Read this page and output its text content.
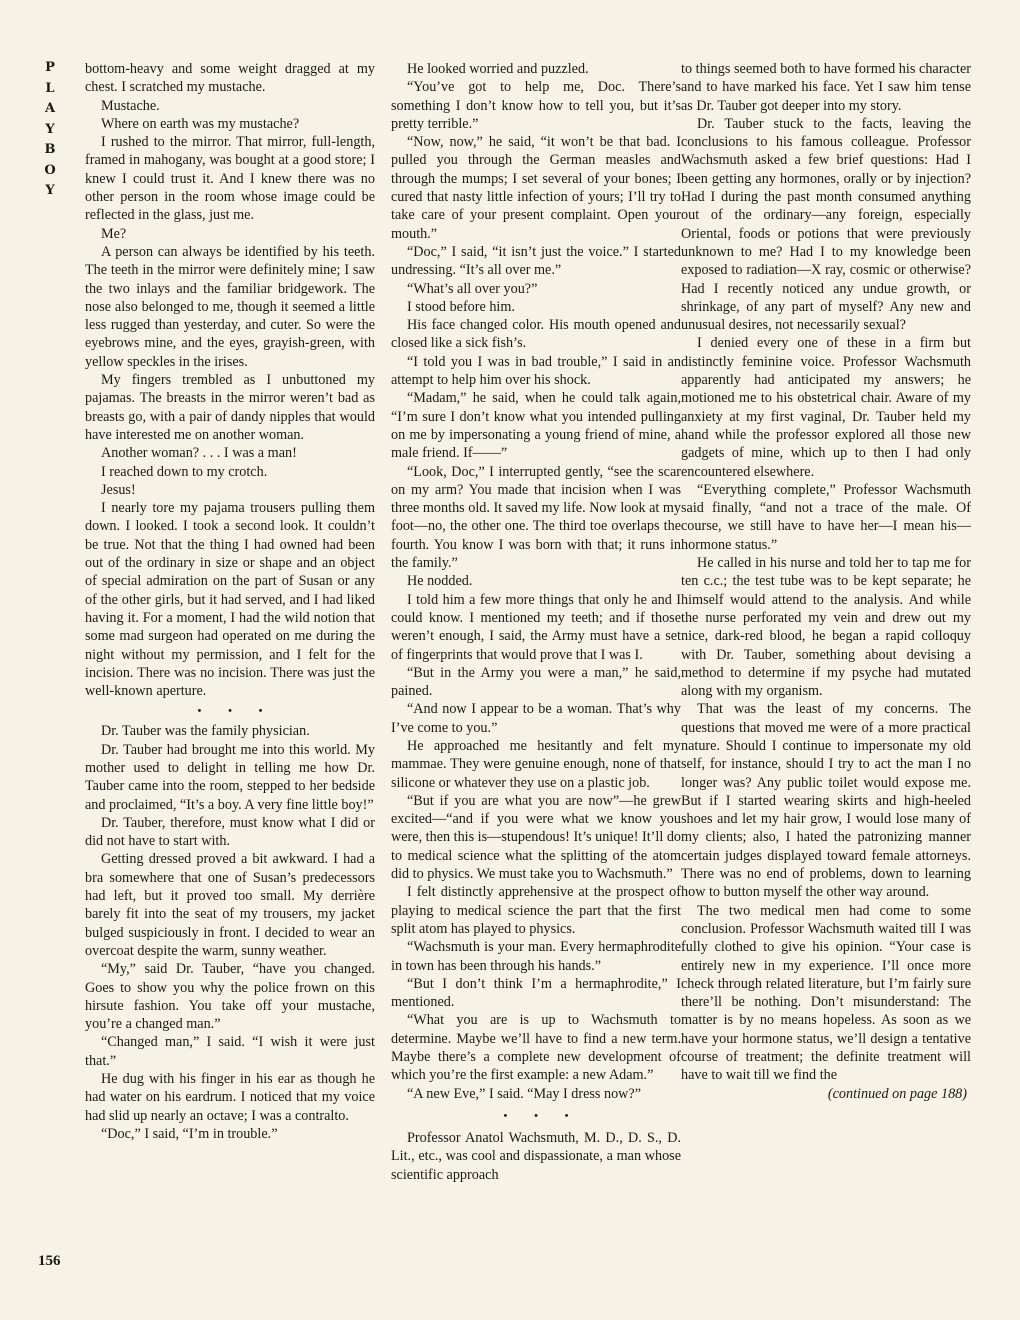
P
L
A
Y
B
O
Y
156

bottom-heavy and some weight dragged at my chest. I scratched my mustache.

Mustache.

Where on earth was my mustache?

I rushed to the mirror. That mirror, full-length, framed in mahogany, was bought at a good store; I knew I could trust it. And I knew there was no other person in the room whose image could be reflected in the glass, just me.

Me?

A person can always be identified by his teeth. The teeth in the mirror were definitely mine; I saw the two inlays and the familiar bridgework. The nose also belonged to me, though it seemed a little less rugged than yesterday, and cuter. So were the eyebrows mine, and the eyes, grayish-green, with yellow speckles in the irises.

My fingers trembled as I unbuttoned my pajamas. The breasts in the mirror weren’t bad as breasts go, with a pair of dandy nipples that would have interested me on another woman.

Another woman? . . . I was a man!

I reached down to my crotch.

Jesus!

I nearly tore my pajama trousers pulling them down. I looked. I took a second look. It couldn’t be true. Not that the thing I had owned had been out of the ordinary in size or shape and an object of special admiration on the part of Susan or any of the other girls, but it had served, and I had liked having it. For a moment, I had the wild notion that some mad surgeon had operated on me during the night without my permission, and I felt for the incision. There was no incision. There was just the well-known aperture.

• • •

Dr. Tauber was the family physician.

Dr. Tauber had brought me into this world. My mother used to delight in telling me how Dr. Tauber came into the room, stepped to her bedside and proclaimed, “It’s a boy. A very fine little boy!”

Dr. Tauber, therefore, must know what I did or did not have to start with.

Getting dressed proved a bit awkward. I had a bra somewhere that one of Susan’s predecessors had left, but it proved too small. My derrière barely fit into the seat of my trousers, my jacket bulged suspiciously in front. I decided to wear an overcoat despite the warm, sunny weather.

“My,” said Dr. Tauber, “have you changed. Goes to show you why the police frown on this hirsute fashion. You take off your mustache, you’re a changed man.”

“Changed man,” I said. “I wish it were just that.”

He dug with his finger in his ear as though he had water on his eardrum. I noticed that my voice had slid up nearly an octave; I was a contralto.

“Doc,” I said, “I’m in trouble.”

He looked worried and puzzled.

“You’ve got to help me, Doc. There’s something I don’t know how to tell you, but it’s pretty terrible.”

“Now, now,” he said, “it won’t be that bad. I pulled you through the German measles and through the mumps; I set several of your bones; I cured that nasty little infection of yours; I’ll try to take care of your present complaint. Open your mouth.”

“Doc,” I said, “it isn’t just the voice.” I started undressing. “It’s all over me.”

“What’s all over you?”

I stood before him.

His face changed color. His mouth opened and closed like a sick fish’s.

“I told you I was in bad trouble,” I said in an attempt to help him over his shock.

“Madam,” he said, when he could talk again, “I’m sure I don’t know what you intended pulling on me by impersonating a young friend of mine, a male friend. If——”

“Look, Doc,” I interrupted gently, “see the scar on my arm? You made that incision when I was three months old. It saved my life. Now look at my foot—no, the other one. The third toe overlaps the fourth. You know I was born with that; it runs in the family.”

He nodded.

I told him a few more things that only he and I could know. I mentioned my teeth; and if those weren’t enough, I said, the Army must have a set of fingerprints that would prove that I was I.

“But in the Army you were a man,” he said, pained.

“And now I appear to be a woman. That’s why I’ve come to you.”

He approached me hesitantly and felt my mammae. They were genuine enough, none of that silicone or whatever they use on a plastic job.

“But if you are what you are now”—he grew excited—“and if you were what we know you were, then this is—stupendous! It’s unique! It’ll do to medical science what the splitting of the atom did to physics. We must take you to Wachsmuth.”

I felt distinctly apprehensive at the prospect of playing to medical science the part that the first split atom has played to physics.

“Wachsmuth is your man. Every hermaphrodite in town has been through his hands.”

“But I don’t think I’m a hermaphrodite,” I mentioned.

“What you are is up to Wachsmuth to determine. Maybe we’ll have to find a new term. Maybe there’s a complete new development of which you’re the first example: a new Adam.”

“A new Eve,” I said. “May I dress now?”

• • •

Professor Anatol Wachsmuth, M. D., D. S., D. Lit., etc., was cool and dispassionate, a man whose scientific approach

to things seemed both to have formed his character and to have marked his face. Yet I saw him tense as Dr. Tauber got deeper into my story.

Dr. Tauber stuck to the facts, leaving the conclusions to his famous colleague. Professor Wachsmuth asked a few brief questions: Had I been getting any hormones, orally or by injection? Had I during the past month consumed anything out of the ordinary—any foreign, especially Oriental, foods or potions that were previously unknown to me? Had I to my knowledge been exposed to radiation—X ray, cosmic or otherwise? Had I recently noticed any undue growth, or shrinkage, of any part of myself? Any new and unusual desires, not necessarily sexual?

I denied every one of these in a firm but distinctly feminine voice. Professor Wachsmuth apparently had anticipated my answers; he motioned me to his obstetrical chair. Aware of my anxiety at my first vaginal, Dr. Tauber held my hand while the professor explored all those new gadgets of mine, which up to then I had only encountered elsewhere.

“Everything complete,” Professor Wachsmuth said finally, “and not a trace of the male. Of course, we still have to have her—I mean his—hormone status.”

He called in his nurse and told her to tap me for ten c.c.; the test tube was to be kept separate; he himself would attend to the analysis. And while the nurse perforated my vein and drew out my nice, dark-red blood, he began a rapid colloquy with Dr. Tauber, something about devising a method to determine if my psyche had mutated along with my organism.

That was the least of my concerns. The questions that moved me were of a more practical nature. Should I continue to impersonate my old self, for instance, should I try to act the man I no longer was? Any public toilet would expose me. But if I started wearing skirts and high-heeled shoes and let my hair grow, I would lose many of my clients; also, I hated the patronizing manner certain judges displayed toward female attorneys. There was no end of problems, down to learning how to button myself the other way around.

The two medical men had come to some conclusion. Professor Wachsmuth waited till I was fully clothed to give his opinion. “Your case is entirely new in my experience. I’ll once more check through related literature, but I’m fairly sure there’ll be nothing. Don’t misunderstand: The matter is by no means hopeless. As soon as we have your hormone status, we’ll design a tentative course of treatment; the definite treatment will have to wait till we find the

(continued on page 188)
